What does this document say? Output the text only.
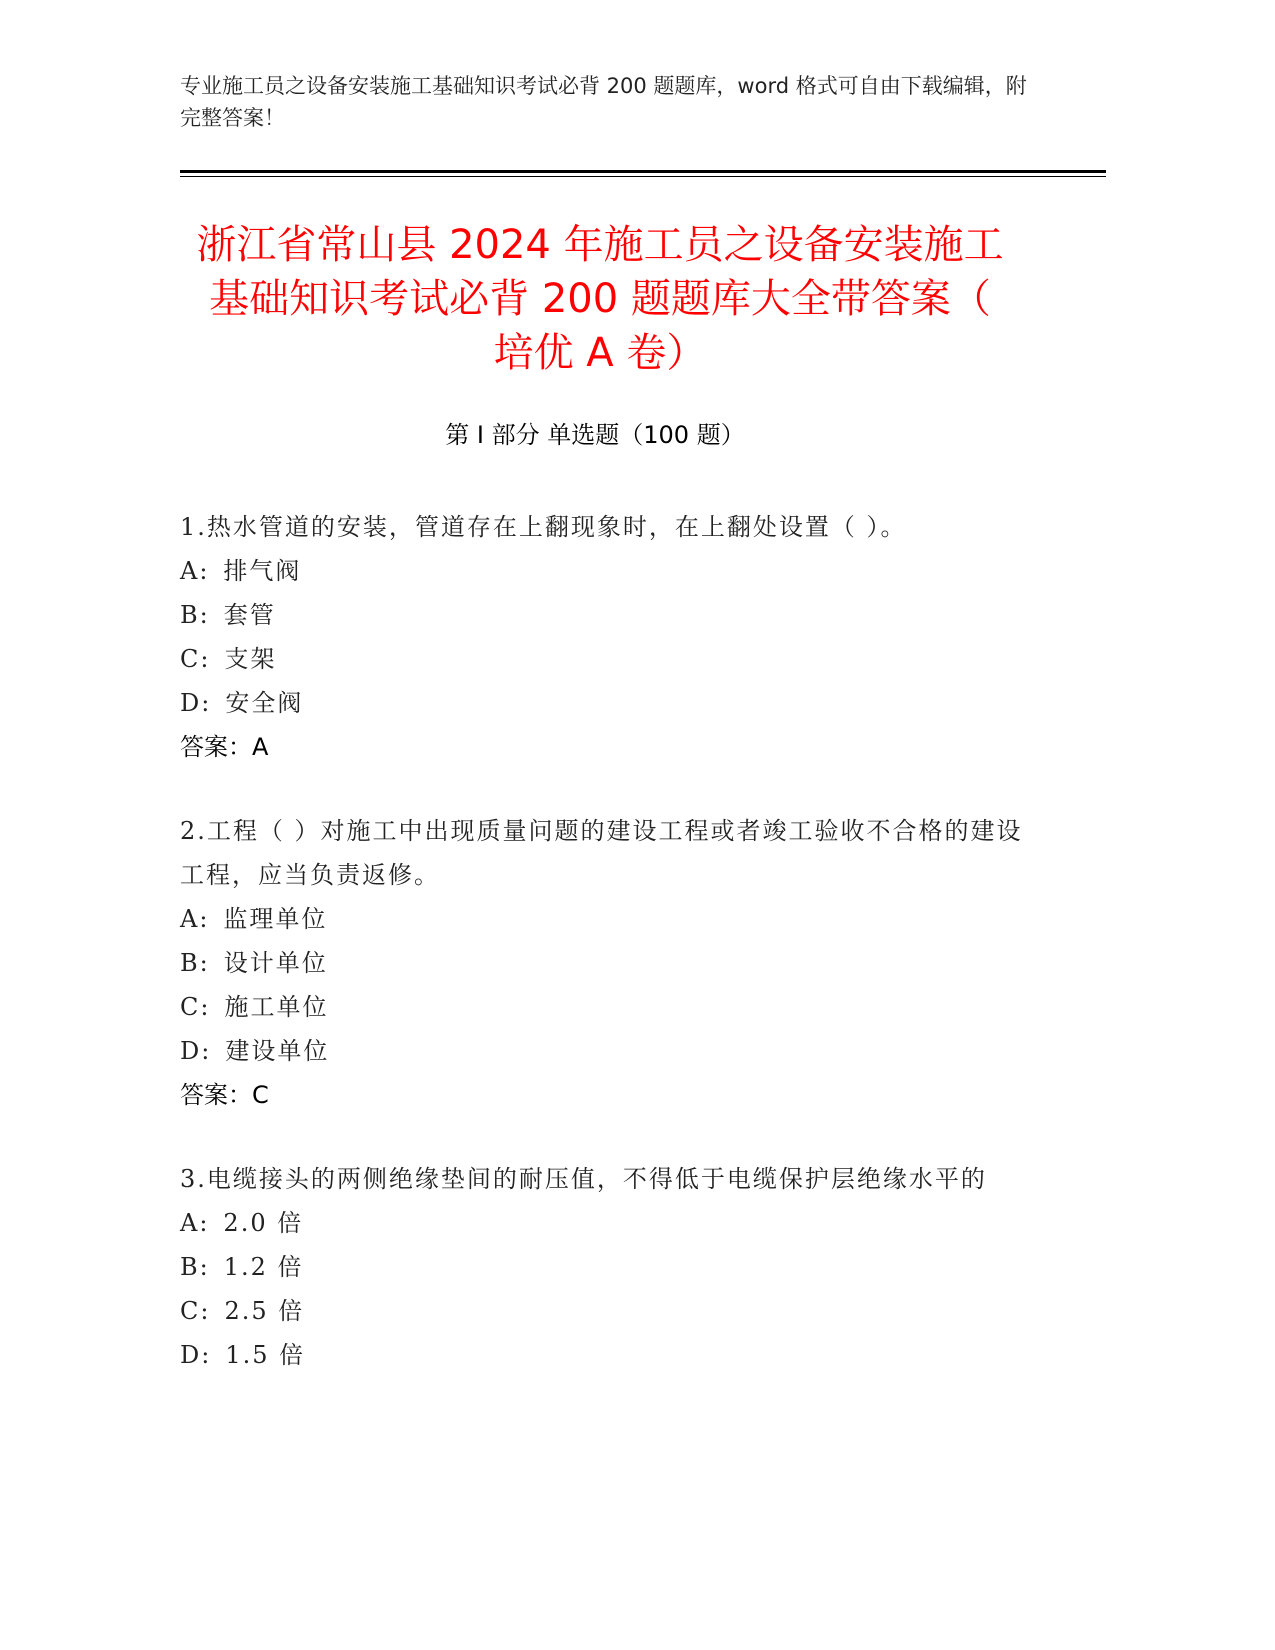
专业施工员之设备安装施工基础知识考试必背 200 题题库，word 格式可自由下载编辑，附完整答案！
浙江省常山县 2024 年施工员之设备安装施工
基础知识考试必背 200 题题库大全带答案（
培优 A 卷）
第 I 部分 单选题（100 题）
1.热水管道的安装，管道存在上翻现象时，在上翻处设置（ ）。

A: 排气阀

B: 套管

C: 支架

D: 安全阀

答案：A
2.工程（ ）对施工中出现质量问题的建设工程或者竣工验收不合格的建设工程，应当负责返修。

A: 监理单位

B: 设计单位

C: 施工单位

D: 建设单位

答案：C
3.电缆接头的两侧绝缘垫间的耐压值，不得低于电缆保护层绝缘水平的

A: 2.0 倍

B: 1.2 倍

C: 2.5 倍

D: 1.5 倍
